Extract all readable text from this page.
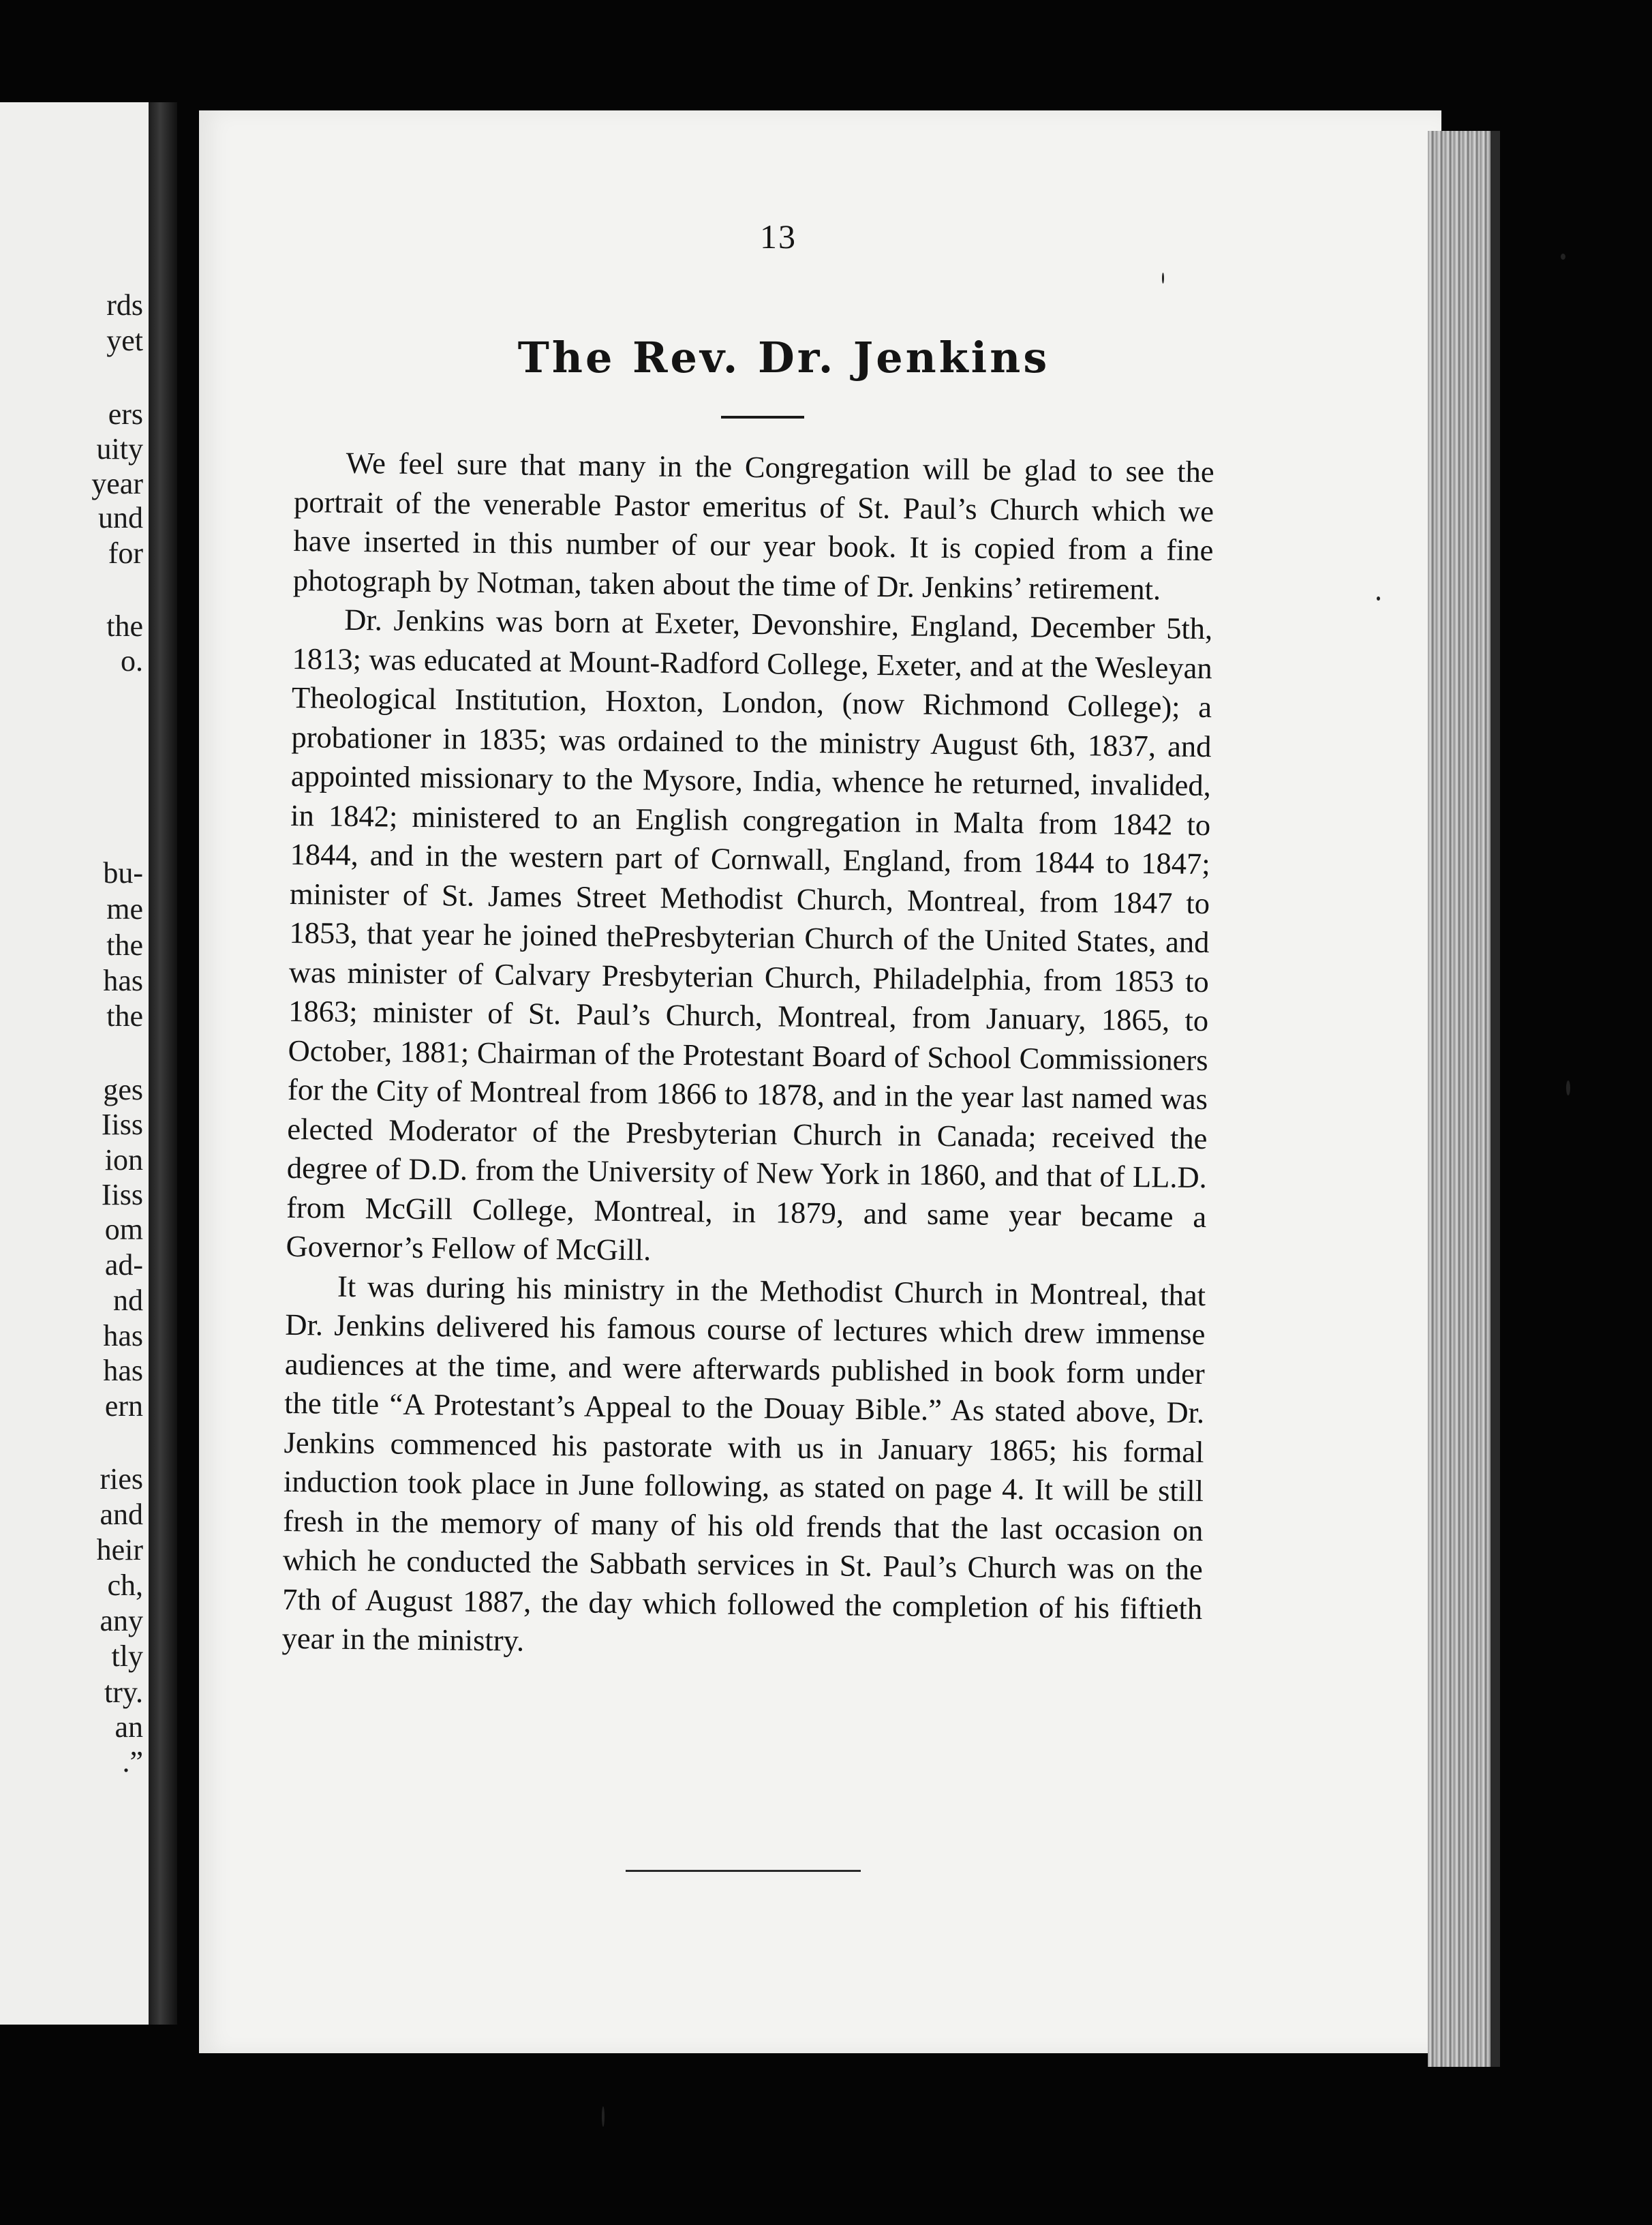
rds
yet
ers
uity
year
und
for
the
o.
bu-
me
the
has
the
ges
Iiss
ion
Iiss
om
ad-
nd
has
has
ern
ries
and
heir
ch,
any
tly
try.
an
.”
13
The Rev. Dr. Jenkins

We feel sure that many in the Congregation will be glad to see the portrait of the venerable Pastor emeritus of St. Paul’s Church which we have inserted in this number of our year book. It is copied from a fine photograph by Notman, taken about the time of Dr. Jenkins’ retirement.

Dr. Jenkins was born at Exeter, Devonshire, England, December 5th, 1813; was educated at Mount-Radford College, Exeter, and at the Wesleyan Theological Institution, Hoxton, London, (now Richmond College); a probationer in 1835; was ordained to the ministry August 6th, 1837, and appointed missionary to the Mysore, India, whence he returned, invalided, in 1842; ministered to an English congregation in Malta from 1842 to 1844, and in the western part of Cornwall, England, from 1844 to 1847; minister of St. James Street Methodist Church, Montreal, from 1847 to 1853, that year he joined thePresbyterian Church of the United States, and was minister of Calvary Presbyterian Church, Philadelphia, from 1853 to 1863; minister of St. Paul’s Church, Montreal, from January, 1865, to October, 1881; Chairman of the Protestant Board of School Commissioners for the City of Montreal from 1866 to 1878, and in the year last named was elected Moderator of the Presbyterian Church in Canada; received the degree of D.D. from the University of New York in 1860, and that of LL.D. from McGill College, Montreal, in 1879, and same year became a Governor’s Fellow of McGill.

It was during his ministry in the Methodist Church in Montreal, that Dr. Jenkins delivered his famous course of lectures which drew immense audiences at the time, and were afterwards published in book form under the title “A Protestant’s Appeal to the Douay Bible.” As stated above, Dr. Jenkins commenced his pastorate with us in January 1865; his formal induction took place in June following, as stated on page 4. It will be still fresh in the memory of many of his old frends that the last occasion on which he conducted the Sabbath services in St. Paul’s Church was on the 7th of August 1887, the day which followed the completion of his fiftieth year in the ministry.
